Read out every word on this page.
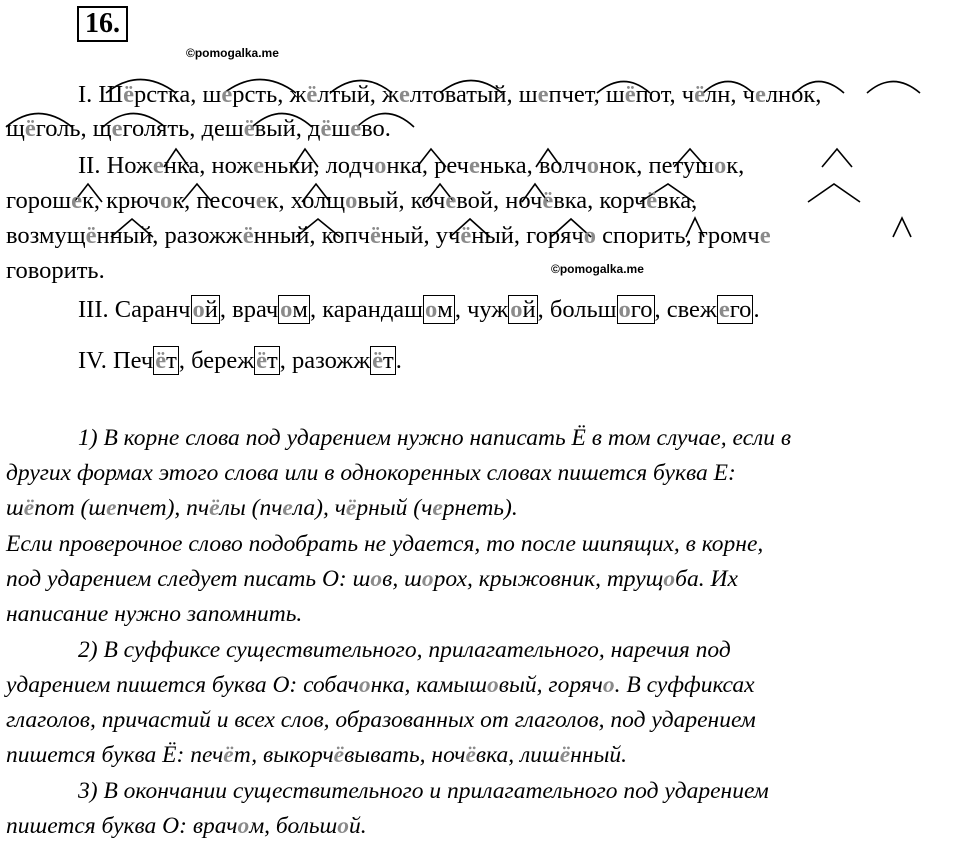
16.
©pomogalka.me
©pomogalka.me
I. Шёрстка, шерсть, жёлтый, желтоватый, шепчет, шёпот, чёлн, челнок,
щёголь, щеголять, дешёвый, дёшево.
II. Ноженка, ноженьки, лодчонка, реченька, волчонок, петушок,
горошек, крючок, песочек, холщовый, кочевой, ночёвка, корчёвка,
возмущённый, разожжённый, копчёный, учёный, горячо спорить, громче
говорить.
III. Саранчой, врачом, карандашом, чужой, большого, свежего.
IV. Печёт, бережёт, разожжёт.
1) В корне слова под ударением нужно написать Ё в том случае, если в
других формах этого слова или в однокоренных словах пишется буква Е:
шёпот (шепчет), пчёлы (пчела), чёрный (чернеть).
Если проверочное слово подобрать не удается, то после шипящих, в корне,
под ударением следует писать О: шов, шорох, крыжовник, трущоба. Их
написание нужно запомнить.
2) В суффиксе существительного, прилагательного, наречия под
ударением пишется буква О: собачонка, камышовый, горячо. В суффиксах
глаголов, причастий и всех слов, образованных от глаголов, под ударением
пишется буква Ё: печёт, выкорчёвывать, ночёвка, лишённый.
3) В окончании существительного и прилагательного под ударением
пишется буква О: врачом, большой.
